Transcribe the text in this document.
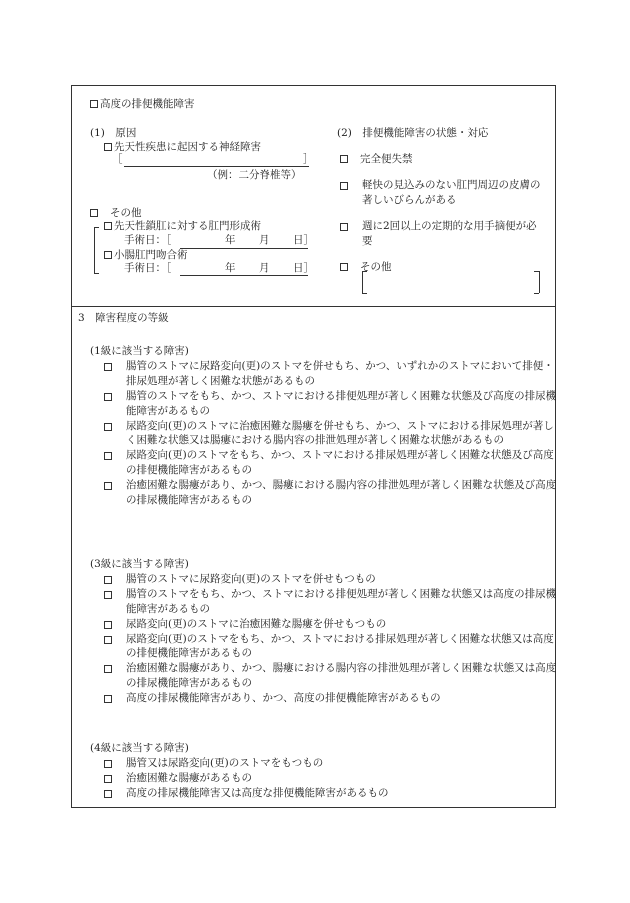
高度の排便機能障害
(1)　原因
先天性疾患に起因する神経障害
［	］
（例：二分脊椎等）
その他
先天性鎖肛に対する肛門形成術
手術日：［	年 月 日］
小腸肛門吻合術
手術日：［	年 月 日］
(2)　排便機能障害の状態・対応
完全便失禁
軽快の見込みのない肛門周辺の皮膚の著しいびらんがある
週に2回以上の定期的な用手摘便が必要
その他
3　障害程度の等級
(1級に該当する障害)
腸管のストマに尿路変向(更)のストマを併せもち、かつ、いずれかのストマにおいて排便・排尿処理が著しく困難な状態があるもの
腸管のストマをもち、かつ、ストマにおける排便処理が著しく困難な状態及び高度の排尿機能障害があるもの
尿路変向(更)のストマに治癒困難な腸瘻を併せもち、かつ、ストマにおける排尿処理が著しく困難な状態又は腸瘻における腸内容の排泄処理が著しく困難な状態があるもの
尿路変向(更)のストマをもち、かつ、ストマにおける排尿処理が著しく困難な状態及び高度の排便機能障害があるもの
治癒困難な腸瘻があり、かつ、腸瘻における腸内容の排泄処理が著しく困難な状態及び高度の排尿機能障害があるもの
(3級に該当する障害)
腸管のストマに尿路変向(更)のストマを併せもつもの
腸管のストマをもち、かつ、ストマにおける排便処理が著しく困難な状態又は高度の排尿機能障害があるもの
尿路変向(更)のストマに治癒困難な腸瘻を併せもつもの
尿路変向(更)のストマをもち、かつ、ストマにおける排尿処理が著しく困難な状態又は高度の排便機能障害があるもの
治癒困難な腸瘻があり、かつ、腸瘻における腸内容の排泄処理が著しく困難な状態又は高度の排尿機能障害があるもの
高度の排尿機能障害があり、かつ、高度の排便機能障害があるもの
(4級に該当する障害)
腸管又は尿路変向(更)のストマをもつもの
治癒困難な腸瘻があるもの
高度の排尿機能障害又は高度な排便機能障害があるもの
